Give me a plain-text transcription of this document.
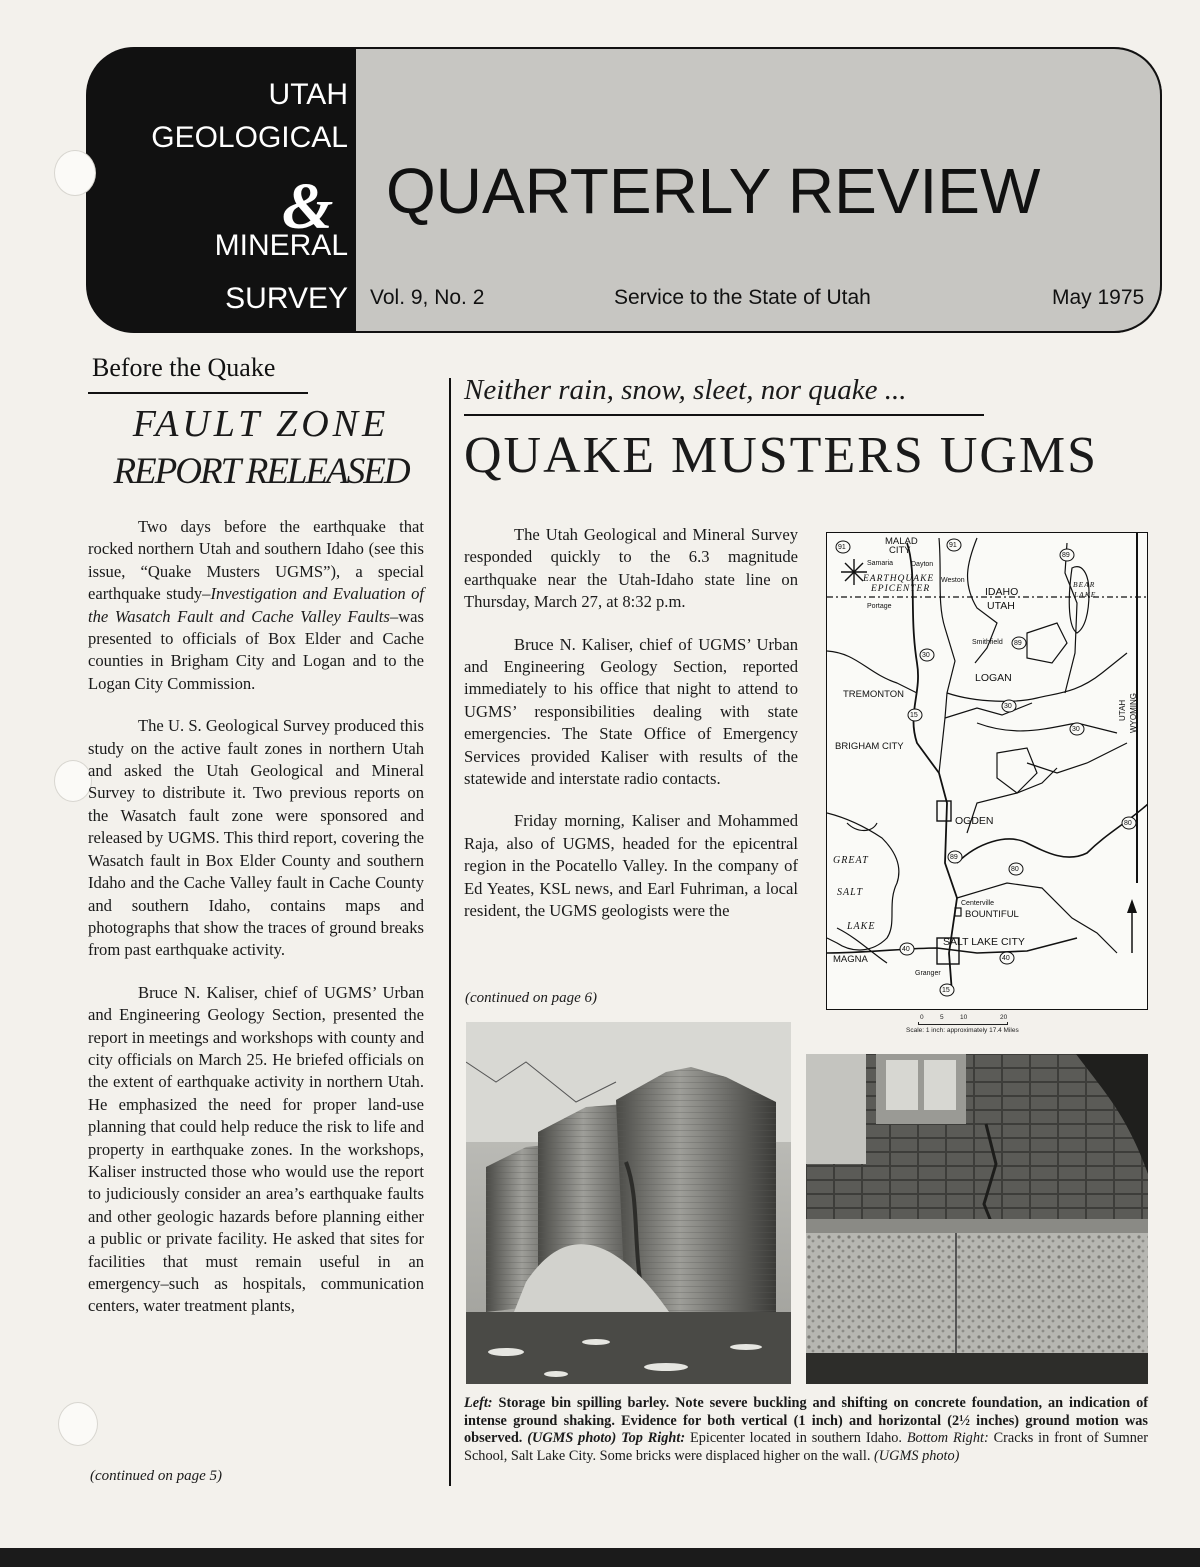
UTAH
GEOLOGICAL
&
MINERAL
SURVEY
QUARTERLY REVIEW
Vol. 9, No. 2	Service to the State of Utah	May 1975
Before the Quake
FAULT ZONE
REPORT RELEASED

Two days before the earthquake that rocked northern Utah and southern Idaho (see this issue, “Quake Musters UGMS”), a special earthquake study–Investigation and Evaluation of the Wasatch Fault and Cache Valley Faults–was presented to officials of Box Elder and Cache counties in Brigham City and Logan and to the Logan City Commission.

The U. S. Geological Survey produced this study on the active fault zones in northern Utah and asked the Utah Geological and Mineral Survey to distribute it. Two previous reports on the Wasatch fault zone were sponsored and released by UGMS. This third report, covering the Wasatch fault in Box Elder County and southern Idaho and the Cache Valley fault in Cache County and southern Idaho, contains maps and photographs that show the traces of ground breaks from past earthquake activity.

Bruce N. Kaliser, chief of UGMS’ Urban and Engineering Geology Section, presented the report in meetings and workshops with county and city officials on March 25. He briefed officials on the extent of earthquake activity in northern Utah. He emphasized the need for proper land-use planning that could help reduce the risk to life and property in earthquake zones. In the workshops, Kaliser instructed those who would use the report to judiciously consider an area’s earthquake faults and other geologic hazards before planning either a public or private facility. He asked that sites for facilities that must remain useful in an emergency–such as hospitals, communication centers, water treatment plants,

(continued on page 5)
Neither rain, snow, sleet, nor quake ...
QUAKE MUSTERS UGMS

The Utah Geological and Mineral Survey responded quickly to the 6.3 magnitude earthquake near the Utah-Idaho state line on Thursday, March 27, at 8:32 p.m.

Bruce N. Kaliser, chief of UGMS’ Urban and Engineering Geology Section, reported immediately to his office that night to attend to UGMS’ responsibilities dealing with state emergencies. The State Office of Emergency Services provided Kaliser with results of the statewide and interstate radio contacts.

Friday morning, Kaliser and Mohammed Raja, also of UGMS, headed for the epicentral region in the Pocatello Valley. In the company of Ed Yeates, KSL news, and Earl Fuhriman, a local resident, the UGMS geologists were the

(continued on page 6)
91
89
91
89
30
15
30
30
80
89
80
40
40
15
MALAD
CITY
Samaria	Dayton
EARTHQUAKE
EPICENTER
Weston
IDAHO
UTAH
Portage
BEAR
LAKE
Smithfield
LOGAN
TREMONTON
BRIGHAM CITY
OGDEN
GREAT
SALT
LAKE
Centerville
BOUNTIFUL
SALT LAKE CITY
MAGNA
Granger
UTAH WYOMING
0	5	10	20
Scale: 1 inch: approximately 17.4 Miles
Left: Storage bin spilling barley. Note severe buckling and shifting on concrete foundation, an indication of intense ground shaking. Evidence for both vertical (1 inch) and horizontal (2½ inches) ground motion was observed. (UGMS photo) Top Right: Epicenter located in southern Idaho. Bottom Right: Cracks in front of Sumner School, Salt Lake City. Some bricks were displaced higher on the wall. (UGMS photo)
